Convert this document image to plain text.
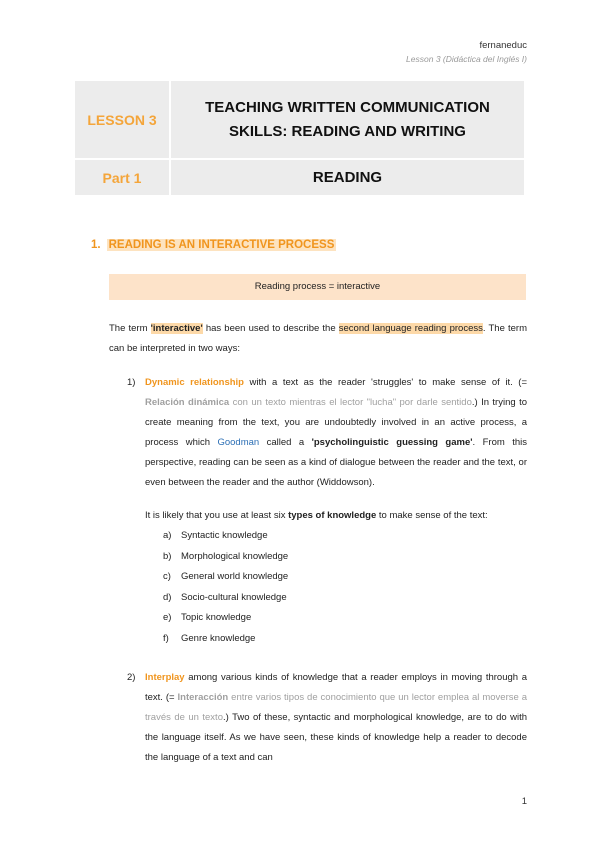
fernaneduc
Lesson 3 (Didáctica del Inglés I)
LESSON 3	TEACHING WRITTEN COMMUNICATION
SKILLS: READING AND WRITING
Part 1	READING
1. READING IS AN INTERACTIVE PROCESS
Reading process = interactive

The term 'interactive' has been used to describe the second language reading process. The term can be interpreted in two ways:

1) Dynamic relationship with a text as the reader 'struggles' to make sense of it. (= Relación dinámica con un texto mientras el lector "lucha" por darle sentido.) In trying to create meaning from the text, you are undoubtedly involved in an active process, a process which Goodman called a 'psycholinguistic guessing game'. From this perspective, reading can be seen as a kind of dialogue between the reader and the text, or even between the reader and the author (Widdowson).

It is likely that you use at least six types of knowledge to make sense of the text:

a) Syntactic knowledge
b) Morphological knowledge
c) General world knowledge
d) Socio-cultural knowledge
e) Topic knowledge
f) Genre knowledge
2) Interplay among various kinds of knowledge that a reader employs in moving through a text. (= Interacción entre varios tipos de conocimiento que un lector emplea al moverse a través de un texto.) Two of these, syntactic and morphological knowledge, are to do with the language itself. As we have seen, these kinds of knowledge help a reader to decode the language of a text and can
1
